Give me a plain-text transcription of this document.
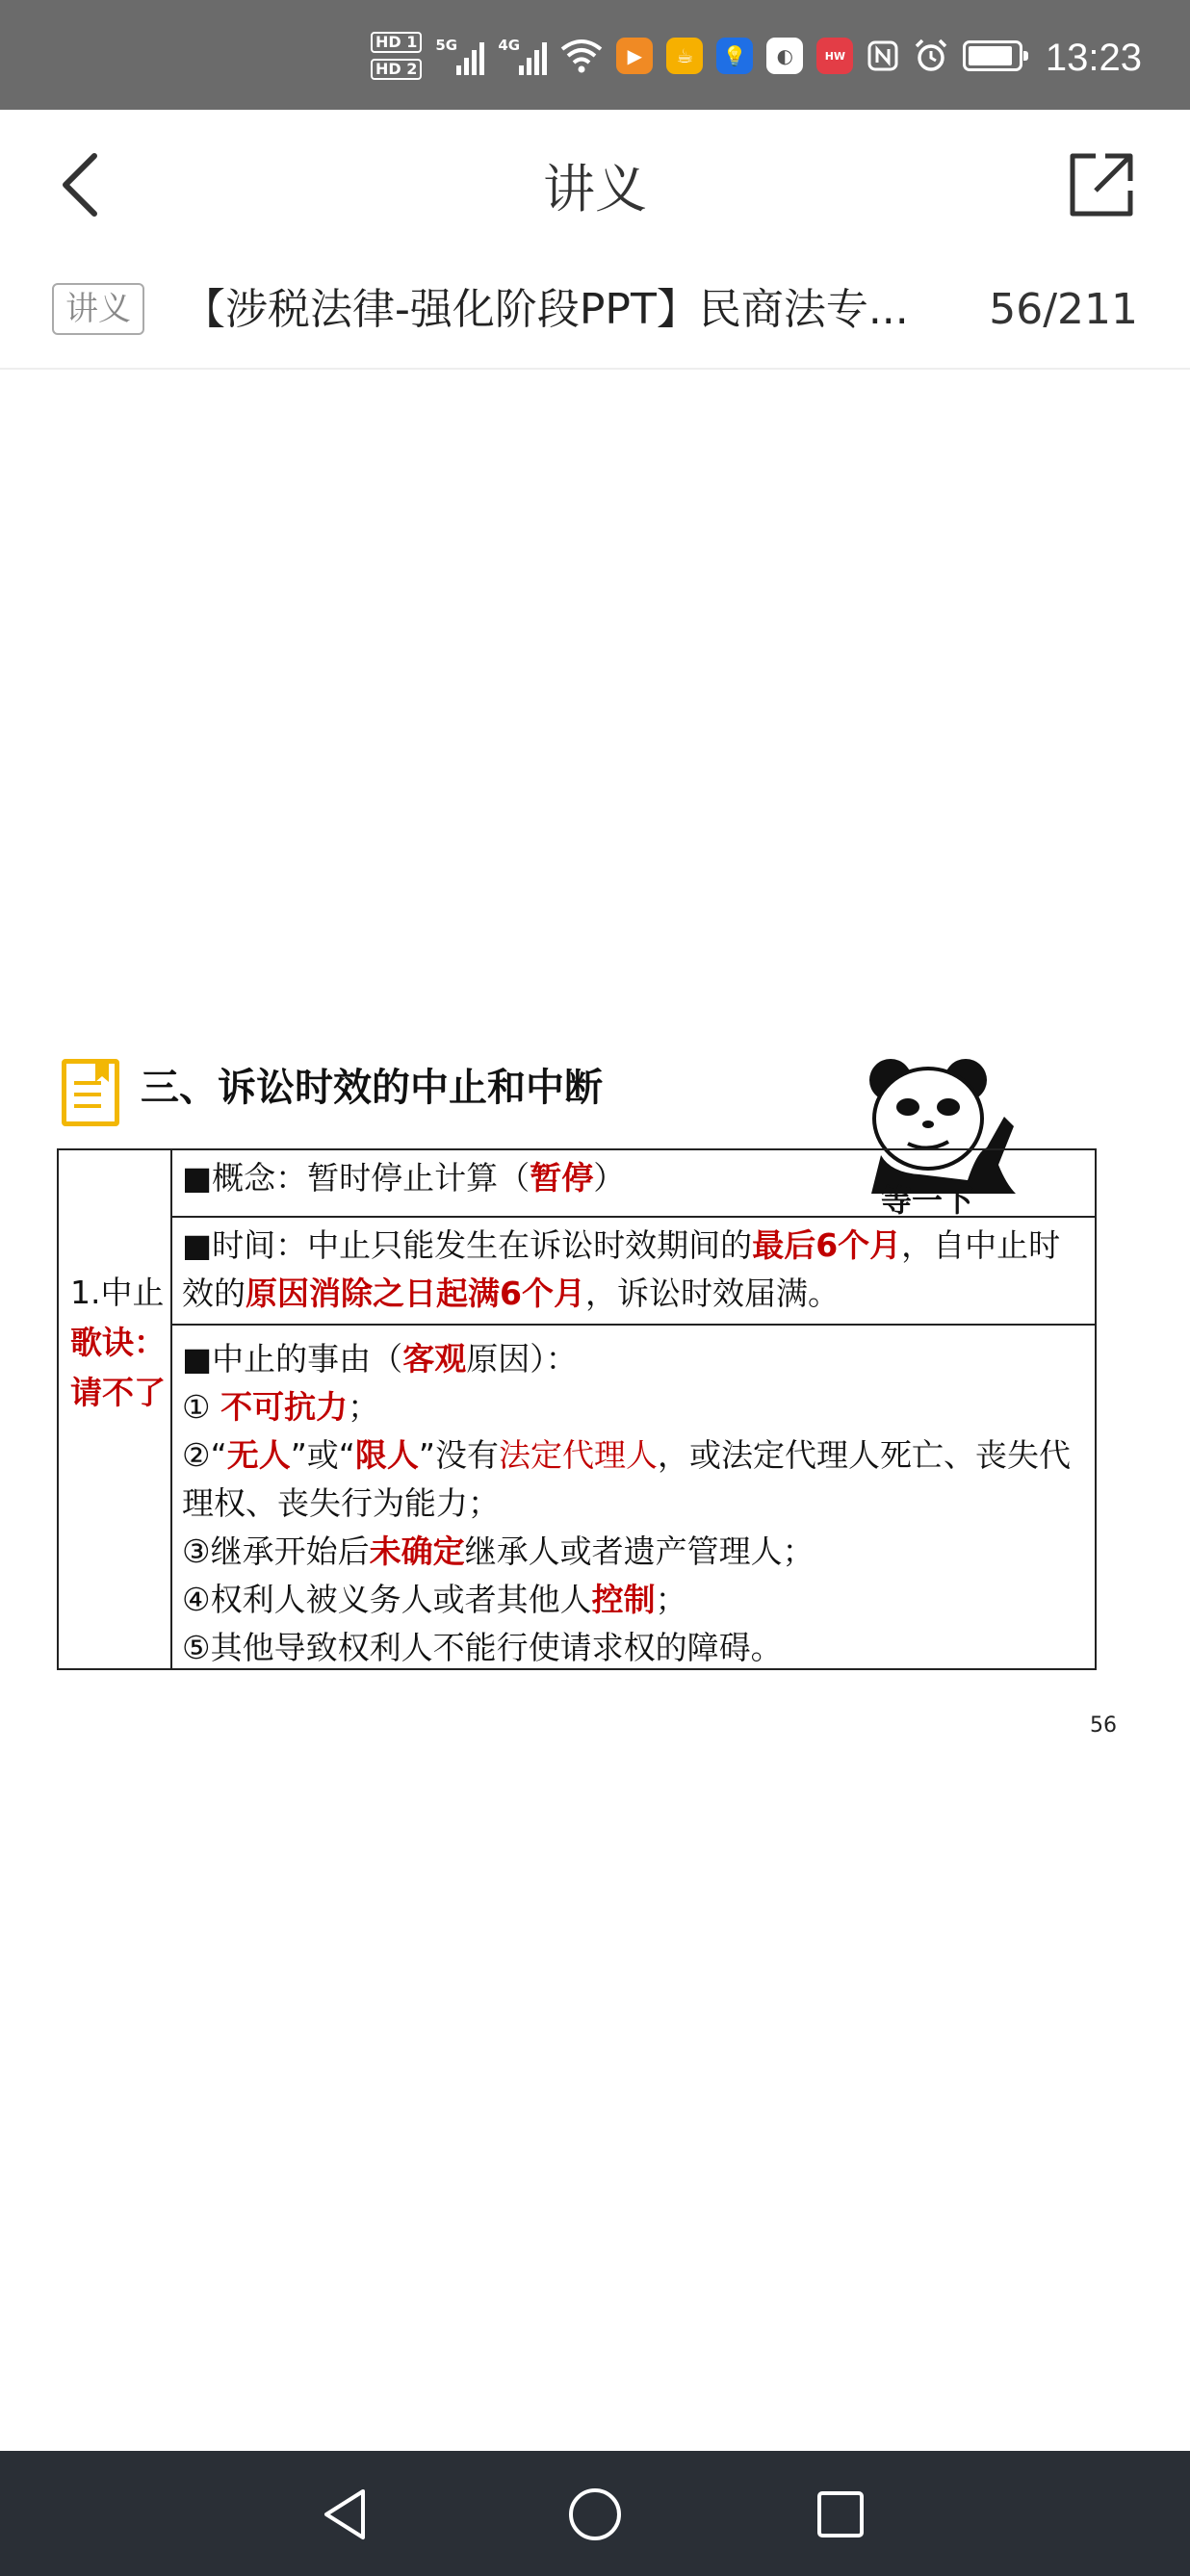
HD 1
HD 2
5G	4G	▶	☕	💡	◐	HW	13:23
讲义
讲义	【涉税法律-强化阶段PPT】民商法专...	56/211
三、诉讼时效的中止和中断
等一下
1.中止
歌诀：请不了
■概念：暂时停止计算（暂停）
■时间：中止只能发生在诉讼时效期间的最后6个月，自中止时效的原因消除之日起满6个月，诉讼时效届满。
■中止的事由（客观原因）：
① 不可抗力；
②“无人”或“限人”没有法定代理人，或法定代理人死亡、丧失代理权、丧失行为能力；
③继承开始后未确定继承人或者遗产管理人；
④权利人被义务人或者其他人控制；
⑤其他导致权利人不能行使请求权的障碍。
56
